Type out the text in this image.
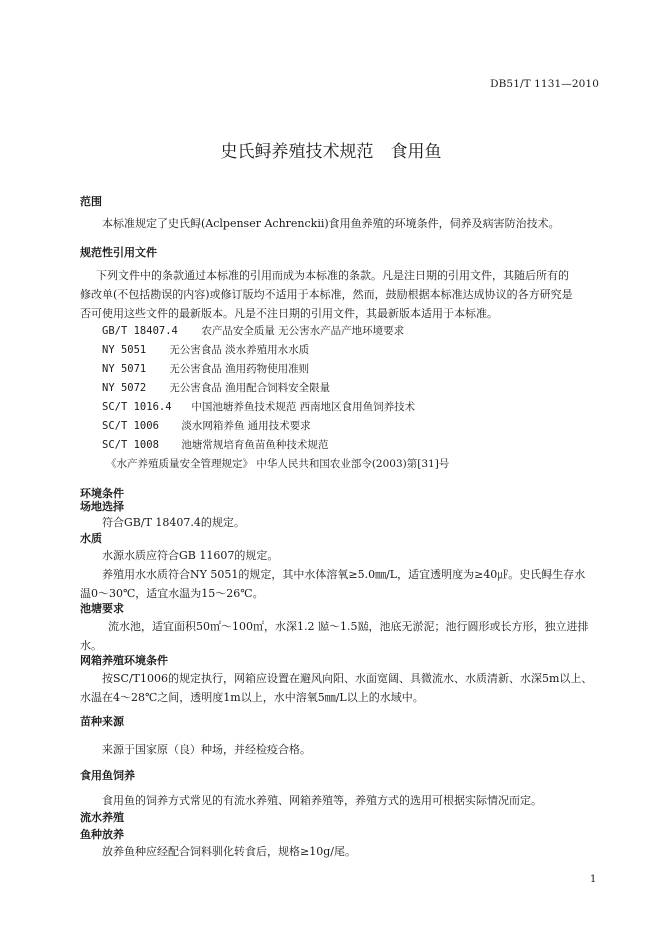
DB51/T 1131—2010
史氏鲟养殖技术规范　食用鱼
范围
本标准规定了史氏鲟(Aclpenser Achrenckii)食用鱼养殖的环境条件，伺养及病害防治技术。
规范性引用文件
下列文件中的条款通过本标准的引用而成为本标准的条款。凡是注日期的引用文件，其随后所有的
修改单(不包括勘误的内容)或修订版均不适用于本标准，然而，鼓励根据本标准达成协议的各方研究是
否可使用这些文件的最新版本。凡是不注日期的引用文件，其最新版本适用于本标准。
GB/T 18407.4 农产品安全质量 无公害水产品产地环境要求
NY 5051 无公害食品 淡水养殖用水水质
NY 5071 无公害食品 渔用药物使用准则
NY 5072 无公害食品 渔用配合饲料安全限量
SC/T 1016.4 中国池塘养鱼技术规范 西南地区食用鱼饲养技术
SC/T 1006 淡水网箱养鱼 通用技术要求
SC/T 1008 池塘常规培育鱼苗鱼种技术规范
《水产养殖质量安全管理规定》 中华人民共和国农业部令(2003)第[31]号
环境条件
场地选择
符合GB/T 18407.4的规定。
水质
水源水质应符合GB 11607的规定。
养殖用水水质符合NY 5051的规定，其中水体溶氧≥5.0㎜/L，适宜透明度为≥40㎌。史氏鲟生存水
温0～30℃，适宜水温为15～26℃。
池塘要求
流水池，适宜面积50㎡～100㎡，水深1.2 ㍪～1.5㍪，池底无淤泥；池行圆形或长方形，独立进排
水。
网箱养殖环境条件
按SC/T1006的规定执行，网箱应设置在避风向阳、水面宽阔、具微流水、水质清新、水深5m以上、
水温在4～28℃之间，透明度1m以上，水中溶氧5㎜/L以上的水域中。
苗种来源
来源于国家原（良）种场，并经检疫合格。
食用鱼饲养
食用鱼的饲养方式常见的有流水养殖、网箱养殖等，养殖方式的选用可根据实际情况而定。
流水养殖
鱼种放养
放养鱼种应经配合饲料驯化转食后，规格≥10g/尾。
1
